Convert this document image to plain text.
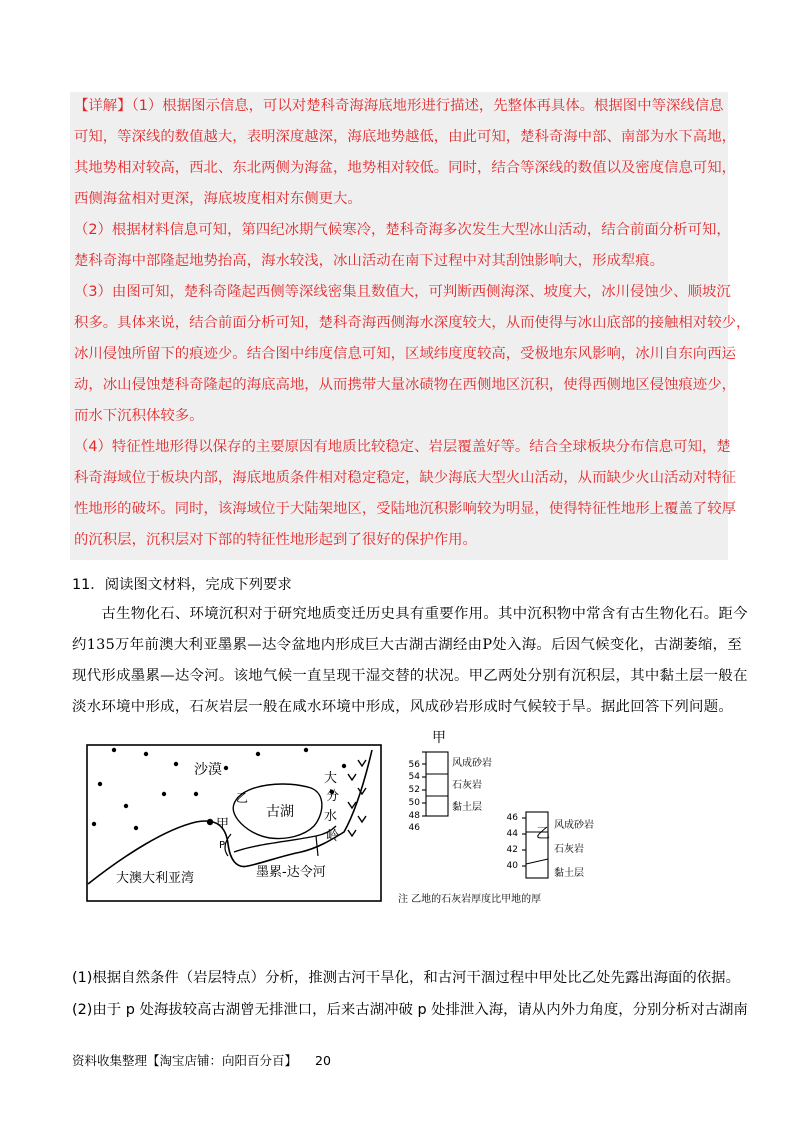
【详解】（1）根据图示信息，可以对楚科奇海海底地形进行描述，先整体再具体。根据图中等深线信息
可知，等深线的数值越大，表明深度越深，海底地势越低，由此可知，楚科奇海中部、南部为水下高地，
其地势相对较高，西北、东北两侧为海盆，地势相对较低。同时，结合等深线的数值以及密度信息可知，
西侧海盆相对更深，海底坡度相对东侧更大。
（2）根据材料信息可知，第四纪冰期气候寒冷，楚科奇海多次发生大型冰山活动，结合前面分析可知，
楚科奇海中部隆起地势抬高，海水较浅，冰山活动在南下过程中对其刮蚀影响大，形成犁痕。
（3）由图可知，楚科奇隆起西侧等深线密集且数值大，可判断西侧海深、坡度大，冰川侵蚀少、顺坡沉
积多。具体来说，结合前面分析可知，楚科奇海西侧海水深度较大，从而使得与冰山底部的接触相对较少，
冰川侵蚀所留下的痕迹少。结合图中纬度信息可知，区域纬度度较高，受极地东风影响，冰川自东向西运
动，冰山侵蚀楚科奇隆起的海底高地，从而携带大量冰碛物在西侧地区沉积，使得西侧地区侵蚀痕迹少，
而水下沉积体较多。
（4）特征性地形得以保存的主要原因有地质比较稳定、岩层覆盖好等。结合全球板块分布信息可知，楚
科奇海域位于板块内部，海底地质条件相对稳定稳定，缺少海底大型火山活动，从而缺少火山活动对特征
性地形的破坏。同时，该海域位于大陆架地区，受陆地沉积影响较为明显，使得特征性地形上覆盖了较厚
的沉积层，沉积层对下部的特征性地形起到了很好的保护作用。
11．阅读图文材料，完成下列要求
　　古生物化石、环境沉积对于研究地质变迁历史具有重要作用。其中沉积物中常含有古生物化石。距今
约135万年前澳大利亚墨累—达令盆地内形成巨大古湖古湖经由P处入海。后因气候变化，古湖萎缩，至
现代形成墨累—达令河。该地气候一直呈现干湿交替的状况。甲乙两处分别有沉积层，其中黏土层一般在
淡水环境中形成，石灰岩层一般在咸水环境中形成，风成砂岩形成时气候较于旱。据此回答下列问题。
沙漠
古湖
甲
乙
P
大澳大利亚湾	墨累-达令河
大
分
水
岭
甲
56
54
52
50
48
46
风成砂岩
石灰岩
黏土层
乙
46
44
42
40
风成砂岩
石灰岩
黏土层
注 乙地的石灰岩厚度比甲地的厚
(1)根据自然条件（岩层特点）分析，推测古河干旱化，和古河干涸过程中甲处比乙处先露出海面的依据。
(2)由于 p 处海拔较高古湖曾无排泄口，后来古湖冲破 p 处排泄入海，请从内外力角度，分别分析对古湖南
资料收集整理【淘宝店铺：向阳百分百】 20
